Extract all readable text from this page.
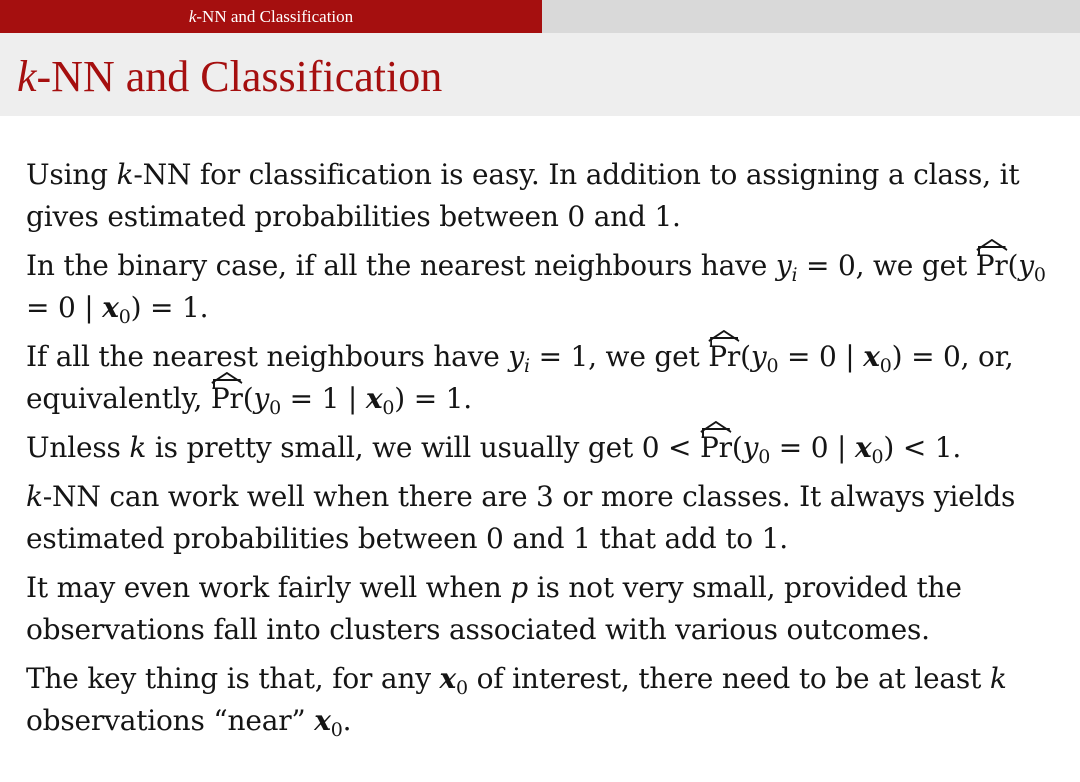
k -NN and Classification
k-NN and Classification

Using k-NN for classification is easy. In addition to assigning a class, it gives estimated probabilities between 0 and 1.

In the binary case, if all the nearest neighbours have $y_i = 0$, we get P
$r(y_0 = 0$ | $x_0) = 1$.

If all the nearest neighbours have $y_i = 1$, we get P
$r(y_0 = 0$ | $x_0) = 0$, or, equivalently, P
$r(y_0 = 1$ | $x_0) = 1$.

Unless k is pretty small, we will usually get 0 < P
$r(y_0 = 0$ | $x_0) < 1$.

k-NN can work well when there are 3 or more classes. It always yields estimated probabilities between 0 and 1 that add to 1.

It may even work fairly well when p is not very small, provided the observations fall into clusters associated with various outcomes.

The key thing is that, for any $x_0$ of interest, there need to be at least k observations “near” $x_0$.
